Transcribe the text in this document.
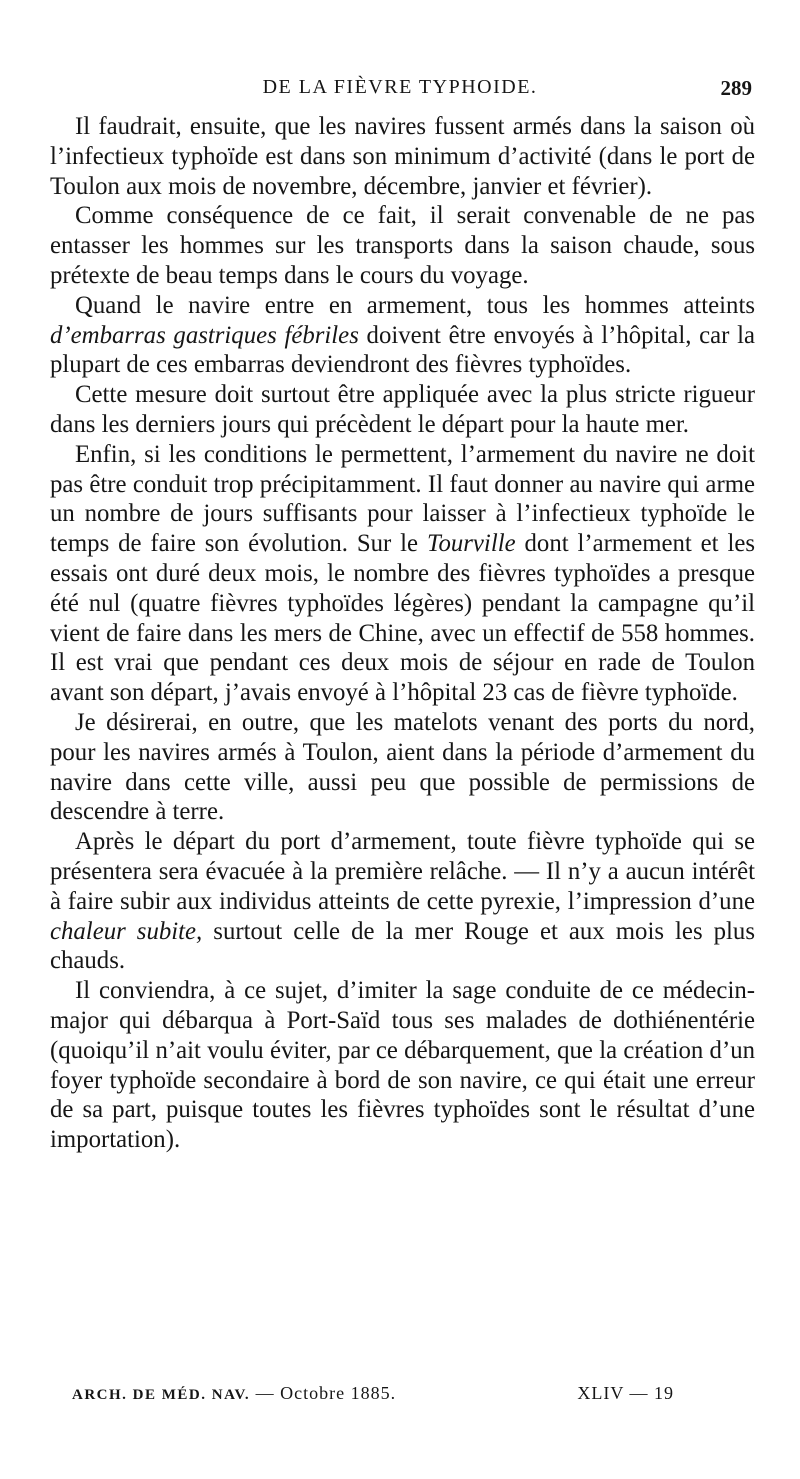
DE LA FIÈVRE TYPHOIDE.	289

Il faudrait, ensuite, que les navires fussent armés dans la saison où l’infectieux typhoïde est dans son minimum d’activité (dans le port de Toulon aux mois de novembre, décembre, janvier et février).

Comme conséquence de ce fait, il serait convenable de ne pas entasser les hommes sur les transports dans la saison chaude, sous prétexte de beau temps dans le cours du voyage.

Quand le navire entre en armement, tous les hommes atteints d’embarras gastriques fébriles doivent être envoyés à l’hôpital, car la plupart de ces embarras deviendront des fièvres typhoïdes.

Cette mesure doit surtout être appliquée avec la plus stricte rigueur dans les derniers jours qui précèdent le départ pour la haute mer.

Enfin, si les conditions le permettent, l’armement du navire ne doit pas être conduit trop précipitamment. Il faut donner au navire qui arme un nombre de jours suffisants pour laisser à l’infectieux typhoïde le temps de faire son évolution. Sur le Tourville dont l’armement et les essais ont duré deux mois, le nombre des fièvres typhoïdes a presque été nul (quatre fièvres typhoïdes légères) pendant la campagne qu’il vient de faire dans les mers de Chine, avec un effectif de 558 hommes. Il est vrai que pendant ces deux mois de séjour en rade de Toulon avant son départ, j’avais envoyé à l’hôpital 23 cas de fièvre typhoïde.

Je désirerai, en outre, que les matelots venant des ports du nord, pour les navires armés à Toulon, aient dans la période d’armement du navire dans cette ville, aussi peu que possible de permissions de descendre à terre.

Après le départ du port d’armement, toute fièvre typhoïde qui se présentera sera évacuée à la première relâche. — Il n’y a aucun intérêt à faire subir aux individus atteints de cette pyrexie, l’impression d’une chaleur subite, surtout celle de la mer Rouge et aux mois les plus chauds.

Il conviendra, à ce sujet, d’imiter la sage conduite de ce médecin-major qui débarqua à Port-Saïd tous ses malades de dothiénentérie (quoiqu’il n’ait voulu éviter, par ce débarquement, que la création d’un foyer typhoïde secondaire à bord de son navire, ce qui était une erreur de sa part, puisque toutes les fièvres typhoïdes sont le résultat d’une importation).

ARCH. DE MÉD. NAV. — Octobre 1885.	XLIV — 19
